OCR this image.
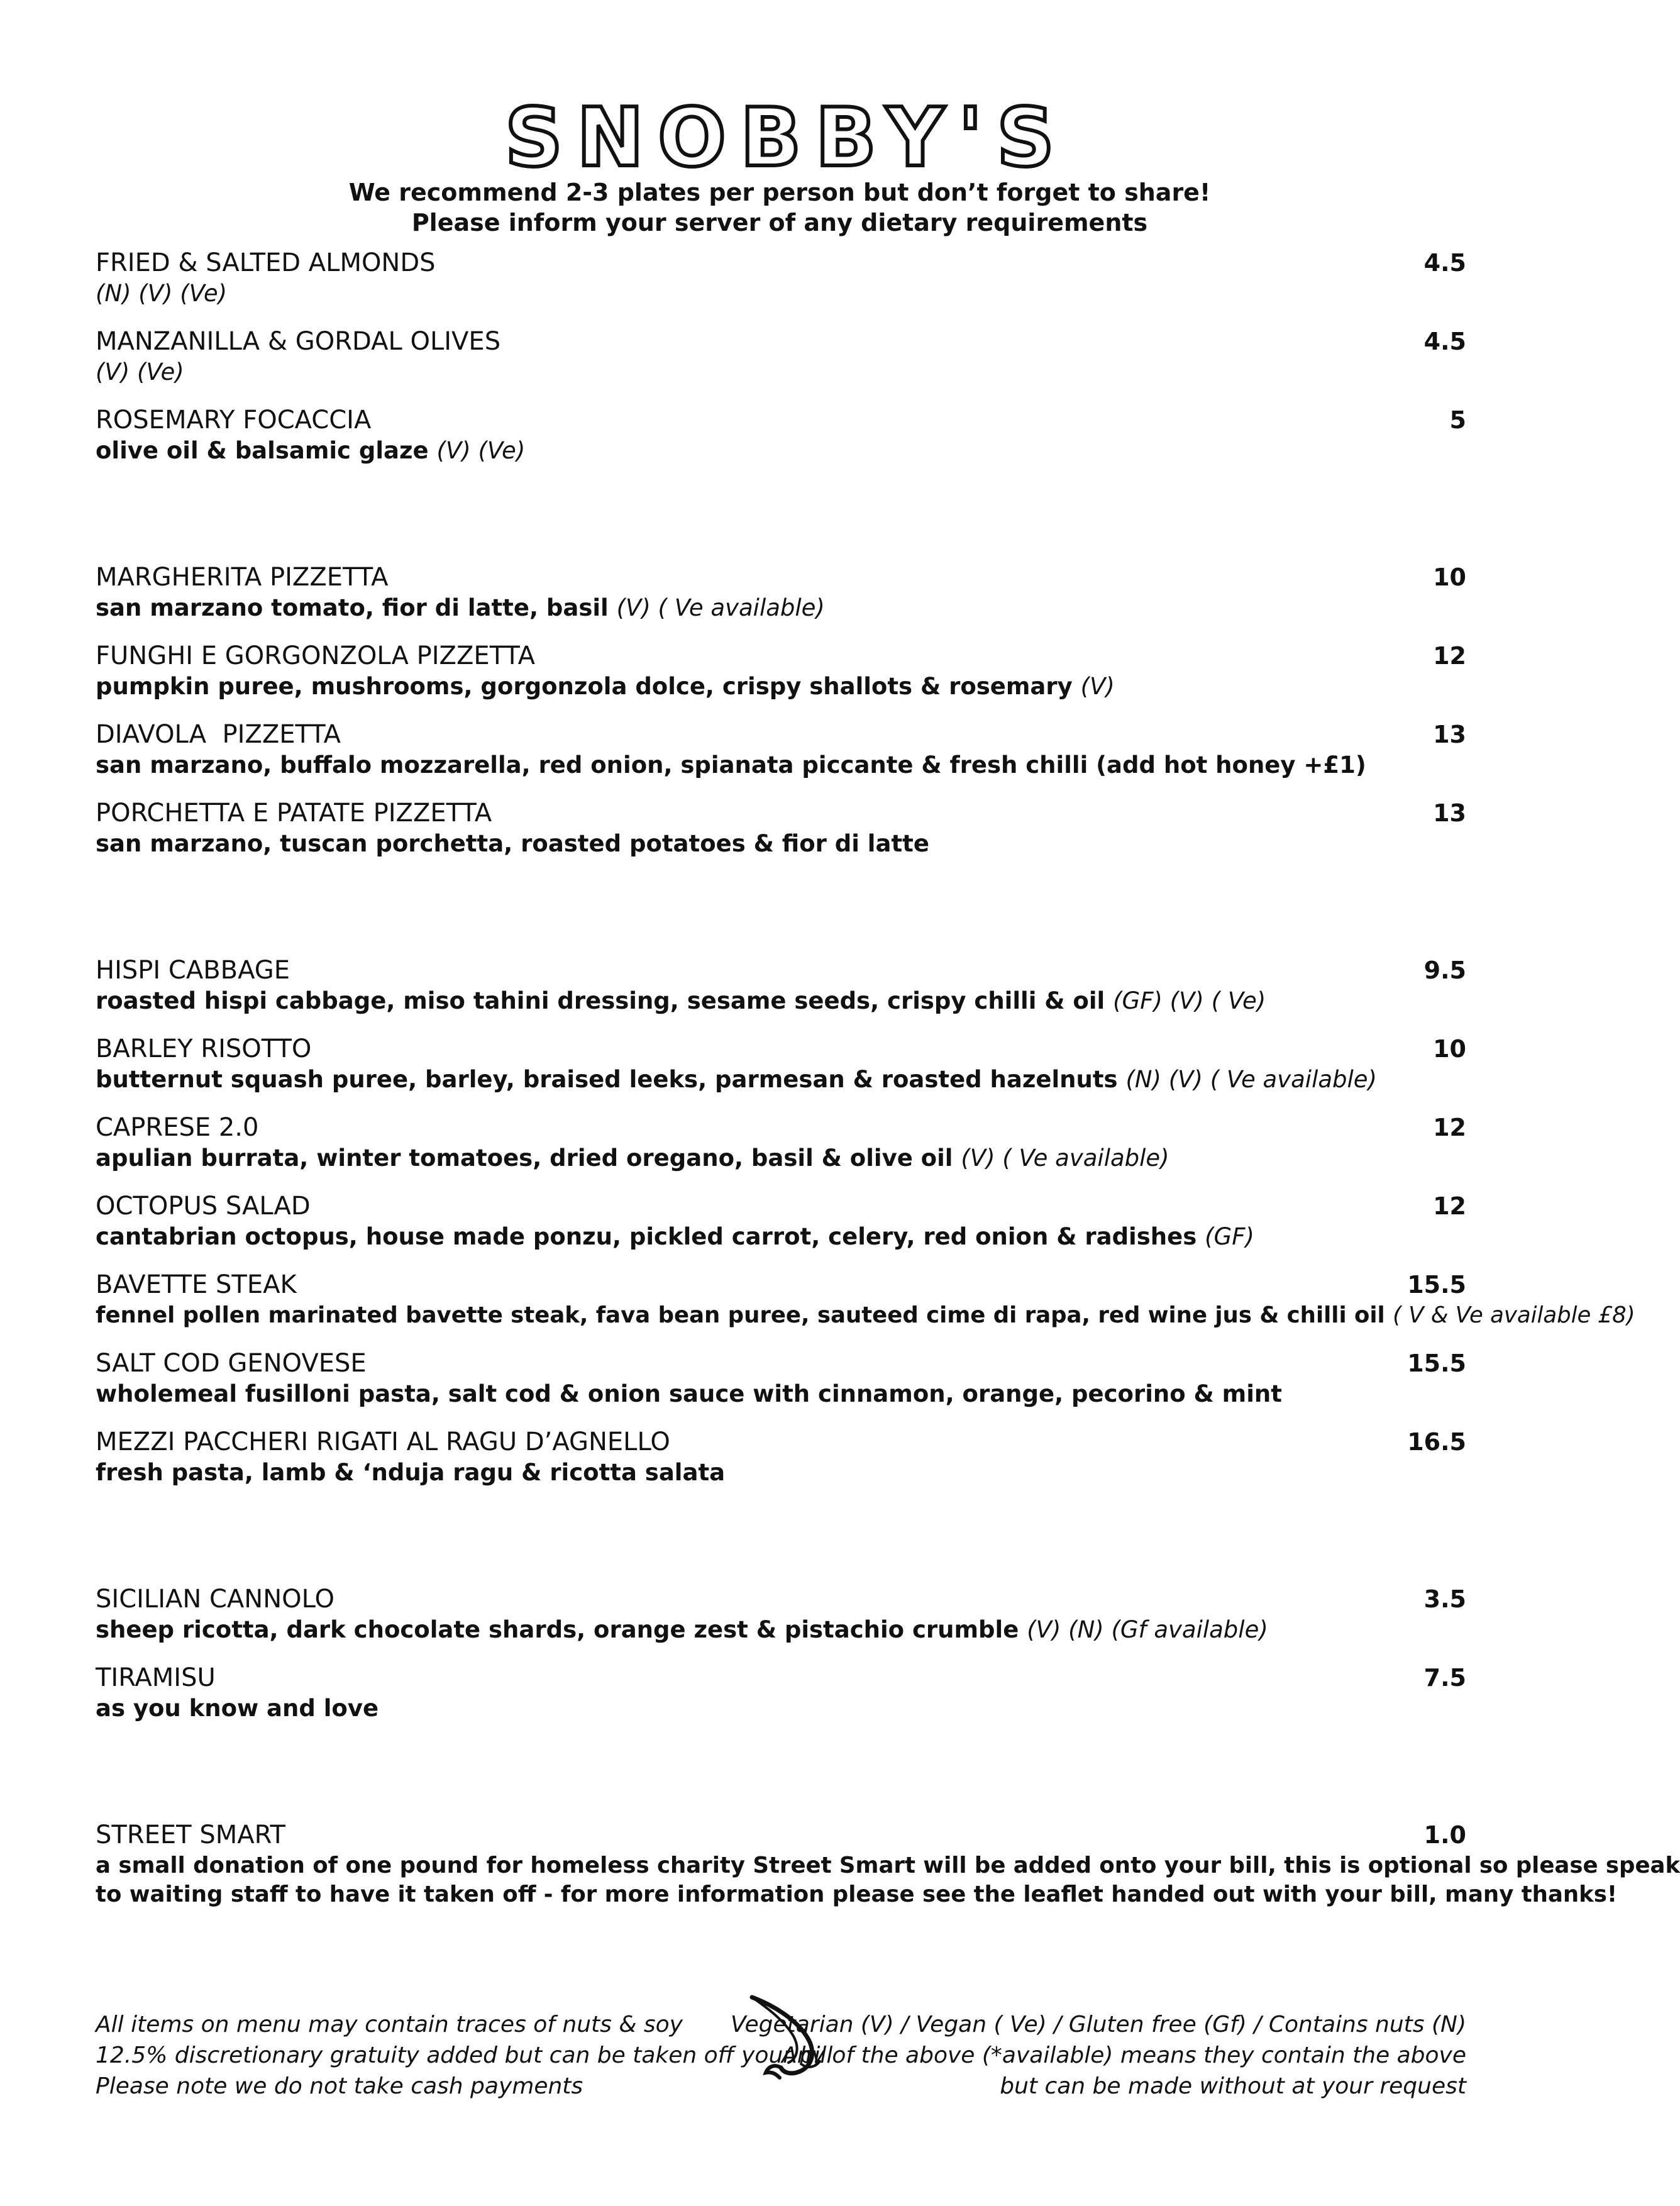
SNOBBY'S
We recommend 2-3 plates per person but don’t forget to share!
Please inform your server of any dietary requirements
FRIED & SALTED ALMONDS	4.5
(N) (V) (Ve)
MANZANILLA & GORDAL OLIVES	4.5
(V) (Ve)
ROSEMARY FOCACCIA	5
olive oil & balsamic glaze (V) (Ve)
MARGHERITA PIZZETTA	10
san marzano tomato, fior di latte, basil (V) ( Ve available)
FUNGHI E GORGONZOLA PIZZETTA	12
pumpkin puree, mushrooms, gorgonzola dolce, crispy shallots & rosemary (V)
DIAVOLA  PIZZETTA	13
san marzano, buffalo mozzarella, red onion, spianata piccante & fresh chilli (add hot honey +£1)
PORCHETTA E PATATE PIZZETTA	13
san marzano, tuscan porchetta, roasted potatoes & fior di latte
HISPI CABBAGE	9.5
roasted hispi cabbage, miso tahini dressing, sesame seeds, crispy chilli & oil (GF) (V) ( Ve)
BARLEY RISOTTO	10
butternut squash puree, barley, braised leeks, parmesan & roasted hazelnuts (N) (V) ( Ve available)
CAPRESE 2.0	12
apulian burrata, winter tomatoes, dried oregano, basil & olive oil (V) ( Ve available)
OCTOPUS SALAD	12
cantabrian octopus, house made ponzu, pickled carrot, celery, red onion & radishes (GF)
BAVETTE STEAK	15.5
fennel pollen marinated bavette steak, fava bean puree, sauteed cime di rapa, red wine jus & chilli oil ( V & Ve available £8)
SALT COD GENOVESE	15.5
wholemeal fusilloni pasta, salt cod & onion sauce with cinnamon, orange, pecorino & mint
MEZZI PACCHERI RIGATI AL RAGU D’AGNELLO	16.5
fresh pasta, lamb & ‘nduja ragu & ricotta salata
SICILIAN CANNOLO	3.5
sheep ricotta, dark chocolate shards, orange zest & pistachio crumble (V) (N) (Gf available)
TIRAMISU	7.5
as you know and love
STREET SMART	1.0
a small donation of one pound for homeless charity Street Smart will be added onto your bill, this is optional so please speak
to waiting staff to have it taken off - for more information please see the leaflet handed out with your bill, many thanks!
All items on menu may contain traces of nuts & soy
12.5% discretionary gratuity added but can be taken off your bill
Please note we do not take cash payments
Vegetarian (V) / Vegan ( Ve) / Gluten free (Gf) / Contains nuts (N)
Any of the above (*available) means they contain the above
but can be made without at your request
